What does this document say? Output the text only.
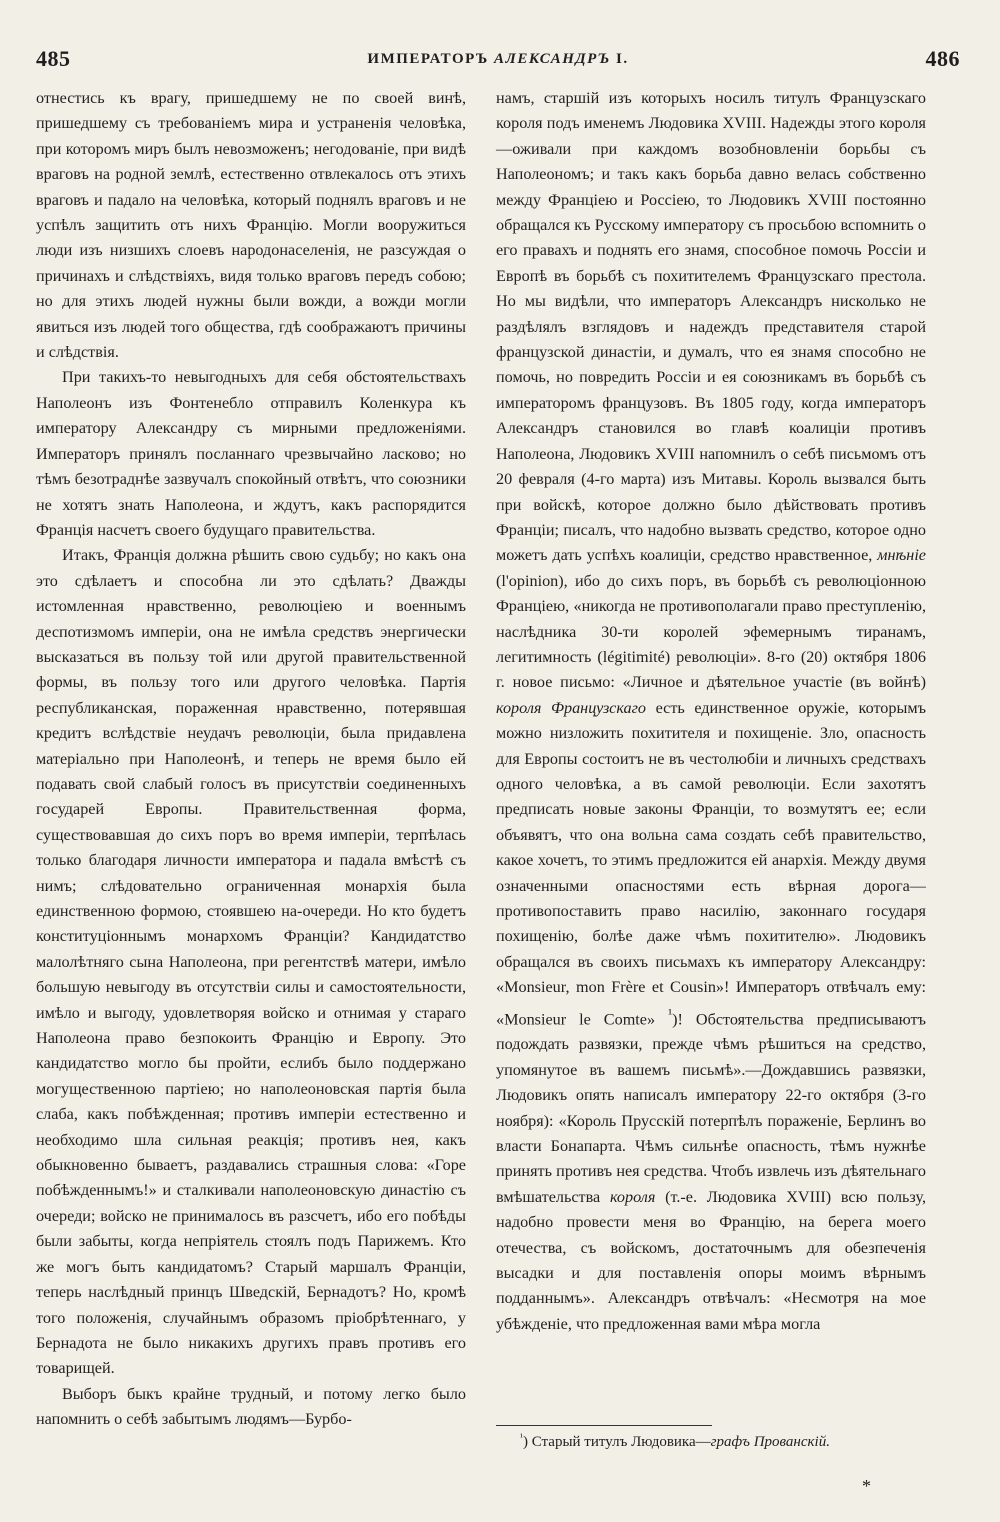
485	ИМПЕРАТОРЪ АЛЕКСАНДРЪ I.	486

отнестись къ врагу, пришедшему не по своей винѣ, пришедшему съ требованіемъ мира и устраненія человѣка, при которомъ миръ былъ невозможенъ; негодованіе, при видѣ враговъ на родной землѣ, естественно отвлекалось отъ этихъ враговъ и падало на человѣка, который поднялъ враговъ и не успѣлъ защитить отъ нихъ Францію. Могли вооружиться люди изъ низшихъ слоевъ народонаселенія, не разсуждая о причинахъ и слѣдствіяхъ, видя только враговъ передъ собою; но для этихъ людей нужны были вожди, а вожди могли явиться изъ людей того общества, гдѣ соображаютъ причины и слѣдствія.

При такихъ-то невыгодныхъ для себя обстоятельствахъ Наполеонъ изъ Фонтенебло отправилъ Коленкура къ императору Александру съ мирными предложеніями. Императоръ принялъ посланнаго чрезвычайно ласково; но тѣмъ безотраднѣе зазвучалъ спокойный отвѣтъ, что союзники не хотятъ знать Наполеона, и ждутъ, какъ распорядится Франція насчетъ своего будущаго правительства.

Итакъ, Франція должна рѣшить свою судьбу; но какъ она это сдѣлаетъ и способна ли это сдѣлать? Дважды истомленная нравственно, революціею и военнымъ деспотизмомъ имперіи, она не имѣла средствъ энергически высказаться въ пользу той или другой правительственной формы, въ пользу того или другого человѣка. Партія республиканская, пораженная нравственно, потерявшая кредитъ вслѣдствіе неудачъ революціи, была придавлена матеріально при Наполеонѣ, и теперь не время было ей подавать свой слабый голосъ въ присутствіи соединенныхъ государей Европы. Правительственная форма, существовавшая до сихъ поръ во время имперіи, терпѣлась только благодаря личности императора и падала вмѣстѣ съ нимъ; слѣдовательно ограниченная монархія была единственною формою, стоявшею на-очереди. Но кто будетъ конституціоннымъ монархомъ Франціи? Кандидатство малолѣтняго сына Наполеона, при регентствѣ матери, имѣло большую невыгоду въ отсутствіи силы и самостоятельности, имѣло и выгоду, удовлетворяя войско и отнимая у стараго Наполеона право безпокоить Францію и Европу. Это кандидатство могло бы пройти, еслибъ было поддержано могущественною партіею; но наполеоновская партія была слаба, какъ побѣжденная; противъ имперіи естественно и необходимо шла сильная реакція; противъ нея, какъ обыкновенно бываетъ, раздавались страшныя слова: «Горе побѣжденнымъ!» и сталкивали наполеоновскую династію съ очереди; войско не принималось въ разсчетъ, ибо его побѣды были забыты, когда непріятель стоялъ подъ Парижемъ. Кто же могъ быть кандидатомъ? Старый маршалъ Франціи, теперь наслѣдный принцъ Шведскій, Бернадотъ? Но, кромѣ того положенія, случайнымъ образомъ пріобрѣтеннаго, у Бернадота не было никакихъ другихъ правъ противъ его товарищей.

Выборъ быкъ крайне трудный, и потому легко было напомнить о себѣ забытымъ людямъ—Бурбо-

намъ, старшій изъ которыхъ носилъ титулъ Французскаго короля подъ именемъ Людовика XVIII. Надежды этого короля—оживали при каждомъ возобновленіи борьбы съ Наполеономъ; и такъ какъ борьба давно велась собственно между Францiею и Россiею, то Людовикъ XVIII постоянно обращался къ Русскому императору съ просьбою вспомнить о его правахъ и поднять его знамя, способное помочь Россіи и Европѣ въ борьбѣ съ похитителемъ Французскаго престола. Но мы видѣли, что императоръ Александръ нисколько не раздѣлялъ взглядовъ и надеждъ представителя старой французской династіи, и думалъ, что ея знамя способно не помочь, но повредить Россіи и ея союзникамъ въ борьбѣ съ императоромъ французовъ. Въ 1805 году, когда императоръ Александръ становился во главѣ коалиціи противъ Наполеона, Людовикъ XVIII напомнилъ о себѣ письмомъ отъ 20 февраля (4-го марта) изъ Митавы. Король вызвался быть при войскѣ, которое должно было дѣйствовать противъ Франціи; писалъ, что надобно вызвать средство, которое одно можетъ дать успѣхъ коалиціи, средство нравственное, мнѣніе (l'opinion), ибо до сихъ поръ, въ борьбѣ съ революціонною Франціею, «никогда не противополагали право преступленію, наслѣдника 30-ти королей эфемернымъ тиранамъ, легитимность (légitimité) революціи». 8-го (20) октября 1806 г. новое письмо: «Личное и дѣятельное участіе (въ войнѣ) короля Французскаго есть единственное оружіе, которымъ можно низложить похитителя и похищеніе. Зло, опасность для Европы состоитъ не въ честолюбіи и личныхъ средствахъ одного человѣка, а въ самой революціи. Если захотятъ предписать новые законы Франціи, то возмутятъ ее; если объявятъ, что она вольна сама создать себѣ правительство, какое хочетъ, то этимъ предложится ей анархія. Между двумя означенными опасностями есть вѣрная дорога—противопоставить право насилію, законнаго государя похищенію, болѣе даже чѣмъ похитителю». Людовикъ обращался въ своихъ письмахъ къ императору Александру: «Monsieur, mon Frère et Cousin»! Императоръ отвѣчалъ ему: «Monsieur le Comte» $^{^1}$)! Обстоятельства предписываютъ подождать развязки, прежде чѣмъ рѣшиться на средство, упомянутое въ вашемъ письмѣ».—Дождавшись развязки, Людовикъ опять написалъ императору 22-го октября (3-го ноября): «Король Прусскій потерпѣлъ пораженіе, Берлинъ во власти Бонапарта. Чѣмъ сильнѣе опасность, тѣмъ нужнѣе принять противъ нея средства. Чтобъ извлечь изъ дѣятельнаго вмѣшательства короля (т.-е. Людовика XVIII) всю пользу, надобно провести меня во Францію, на берега моего отечества, съ войскомъ, достаточнымъ для обезпеченія высадки и для поставленія опоры моимъ вѣрнымъ подданнымъ». Александръ отвѣчалъ: «Несмотря на мое убѣжденіе, что предложенная вами мѣра могла

$^{^1}$) Старый титулъ Людовика—графъ Прованскій.
*
